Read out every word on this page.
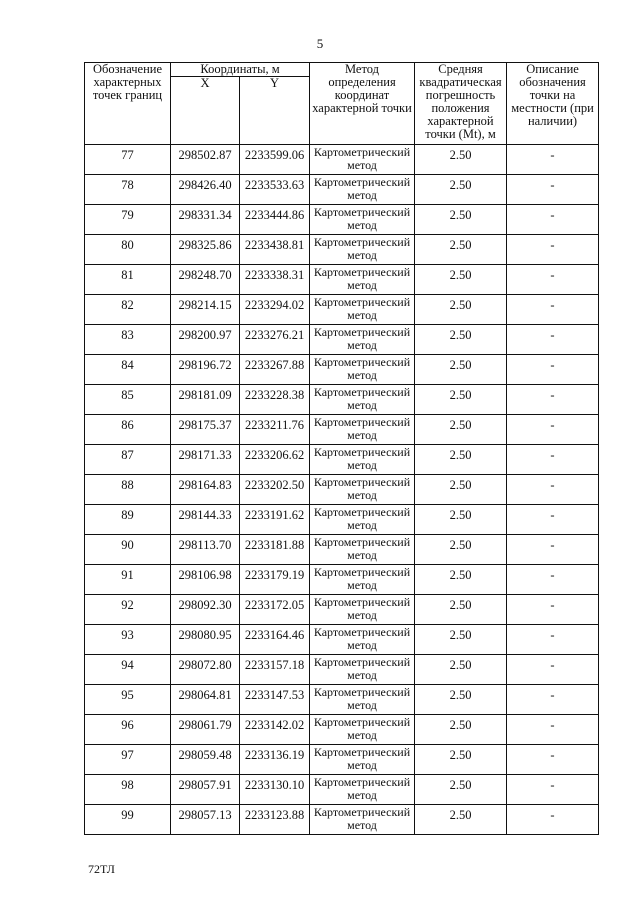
5
Обозначение характерных точек границ	Координаты, м		Метод определения координат характерной точки	Средняя квадратическая погрешность положения характерной точки (Mt), м	Описание обозначения точки на местности (при наличии)
	X	Y			
77	298502.87	2233599.06	Картометрический метод	2.50	-
78	298426.40	2233533.63	Картометрический метод	2.50	-
79	298331.34	2233444.86	Картометрический метод	2.50	-
80	298325.86	2233438.81	Картометрический метод	2.50	-
81	298248.70	2233338.31	Картометрический метод	2.50	-
82	298214.15	2233294.02	Картометрический метод	2.50	-
83	298200.97	2233276.21	Картометрический метод	2.50	-
84	298196.72	2233267.88	Картометрический метод	2.50	-
85	298181.09	2233228.38	Картометрический метод	2.50	-
86	298175.37	2233211.76	Картометрический метод	2.50	-
87	298171.33	2233206.62	Картометрический метод	2.50	-
88	298164.83	2233202.50	Картометрический метод	2.50	-
89	298144.33	2233191.62	Картометрический метод	2.50	-
90	298113.70	2233181.88	Картометрический метод	2.50	-
91	298106.98	2233179.19	Картометрический метод	2.50	-
92	298092.30	2233172.05	Картометрический метод	2.50	-
93	298080.95	2233164.46	Картометрический метод	2.50	-
94	298072.80	2233157.18	Картометрический метод	2.50	-
95	298064.81	2233147.53	Картометрический метод	2.50	-
96	298061.79	2233142.02	Картометрический метод	2.50	-
97	298059.48	2233136.19	Картометрический метод	2.50	-
98	298057.91	2233130.10	Картометрический метод	2.50	-
99	298057.13	2233123.88	Картометрический метод	2.50	-
72ТЛ
